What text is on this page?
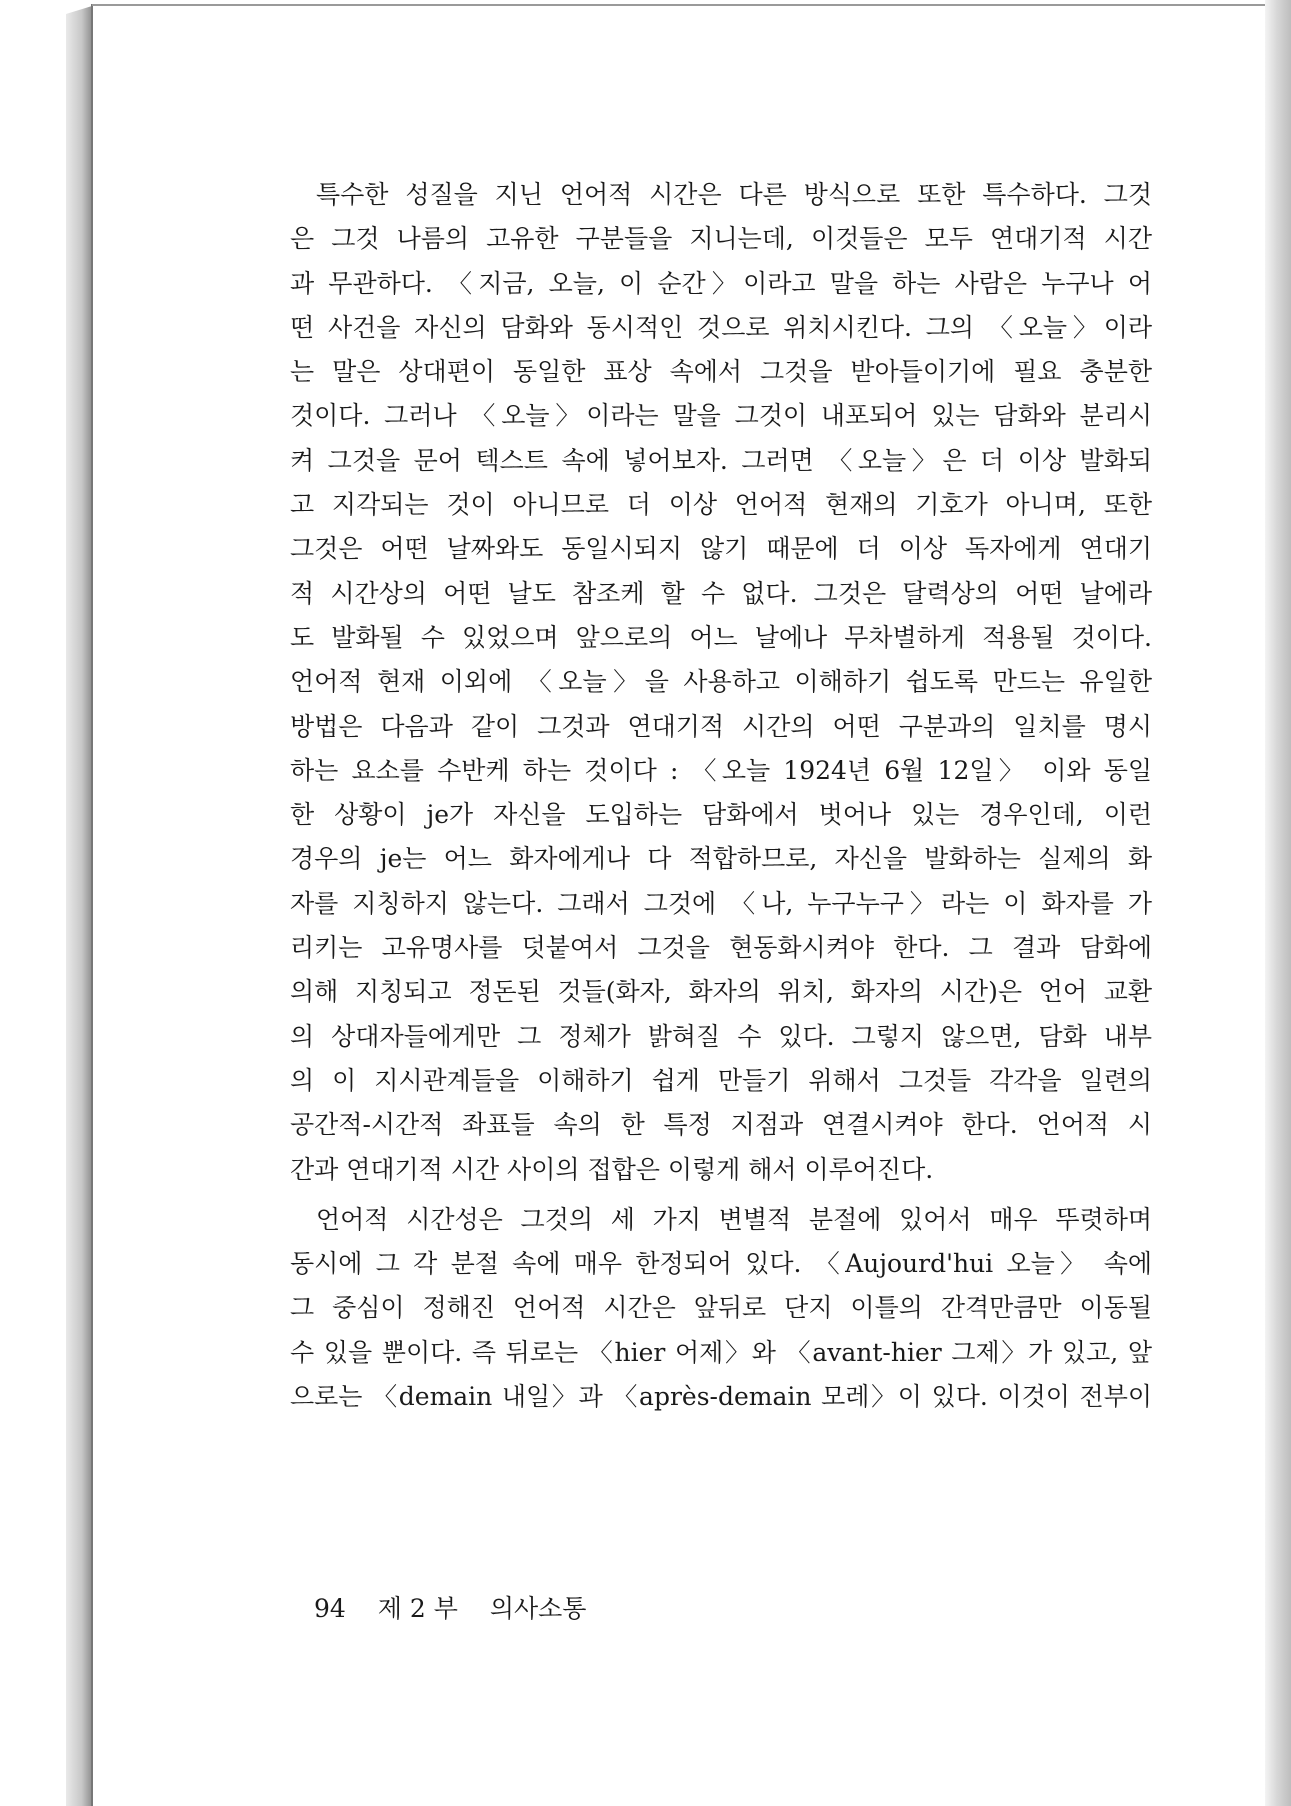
특수한 성질을 지닌 언어적 시간은 다른 방식으로 또한 특수하다. 그것
은 그것 나름의 고유한 구분들을 지니는데, 이것들은 모두 연대기적 시간
과 무관하다. 〈지금, 오늘, 이 순간〉이라고 말을 하는 사람은 누구나 어
떤 사건을 자신의 담화와 동시적인 것으로 위치시킨다. 그의 〈오늘〉이라
는 말은 상대편이 동일한 표상 속에서 그것을 받아들이기에 필요 충분한
것이다. 그러나 〈오늘〉이라는 말을 그것이 내포되어 있는 담화와 분리시
켜 그것을 문어 텍스트 속에 넣어보자. 그러면 〈오늘〉은 더 이상 발화되
고 지각되는 것이 아니므로 더 이상 언어적 현재의 기호가 아니며, 또한
그것은 어떤 날짜와도 동일시되지 않기 때문에 더 이상 독자에게 연대기
적 시간상의 어떤 날도 참조케 할 수 없다. 그것은 달력상의 어떤 날에라
도 발화될 수 있었으며 앞으로의 어느 날에나 무차별하게 적용될 것이다.
언어적 현재 이외에 〈오늘〉을 사용하고 이해하기 쉽도록 만드는 유일한
방법은 다음과 같이 그것과 연대기적 시간의 어떤 구분과의 일치를 명시
하는 요소를 수반케 하는 것이다 : 〈오늘 1924년 6월 12일〉 이와 동일
한 상황이 je가 자신을 도입하는 담화에서 벗어나 있는 경우인데, 이런
경우의 je는 어느 화자에게나 다 적합하므로, 자신을 발화하는 실제의 화
자를 지칭하지 않는다. 그래서 그것에 〈나, 누구누구〉라는 이 화자를 가
리키는 고유명사를 덧붙여서 그것을 현동화시켜야 한다. 그 결과 담화에
의해 지칭되고 정돈된 것들(화자, 화자의 위치, 화자의 시간)은 언어 교환
의 상대자들에게만 그 정체가 밝혀질 수 있다. 그렇지 않으면, 담화 내부
의 이 지시관계들을 이해하기 쉽게 만들기 위해서 그것들 각각을 일련의
공간적-시간적 좌표들 속의 한 특정 지점과 연결시켜야 한다. 언어적 시
간과 연대기적 시간 사이의 접합은 이렇게 해서 이루어진다.
언어적 시간성은 그것의 세 가지 변별적 분절에 있어서 매우 뚜렷하며
동시에 그 각 분절 속에 매우 한정되어 있다. 〈Aujourd'hui 오늘〉 속에
그 중심이 정해진 언어적 시간은 앞뒤로 단지 이틀의 간격만큼만 이동될
수 있을 뿐이다. 즉 뒤로는 〈hier 어제〉와 〈avant-hier 그제〉가 있고, 앞
으로는 〈demain 내일〉과 〈après-demain 모레〉이 있다. 이것이 전부이
94 제 2 부 의사소통
